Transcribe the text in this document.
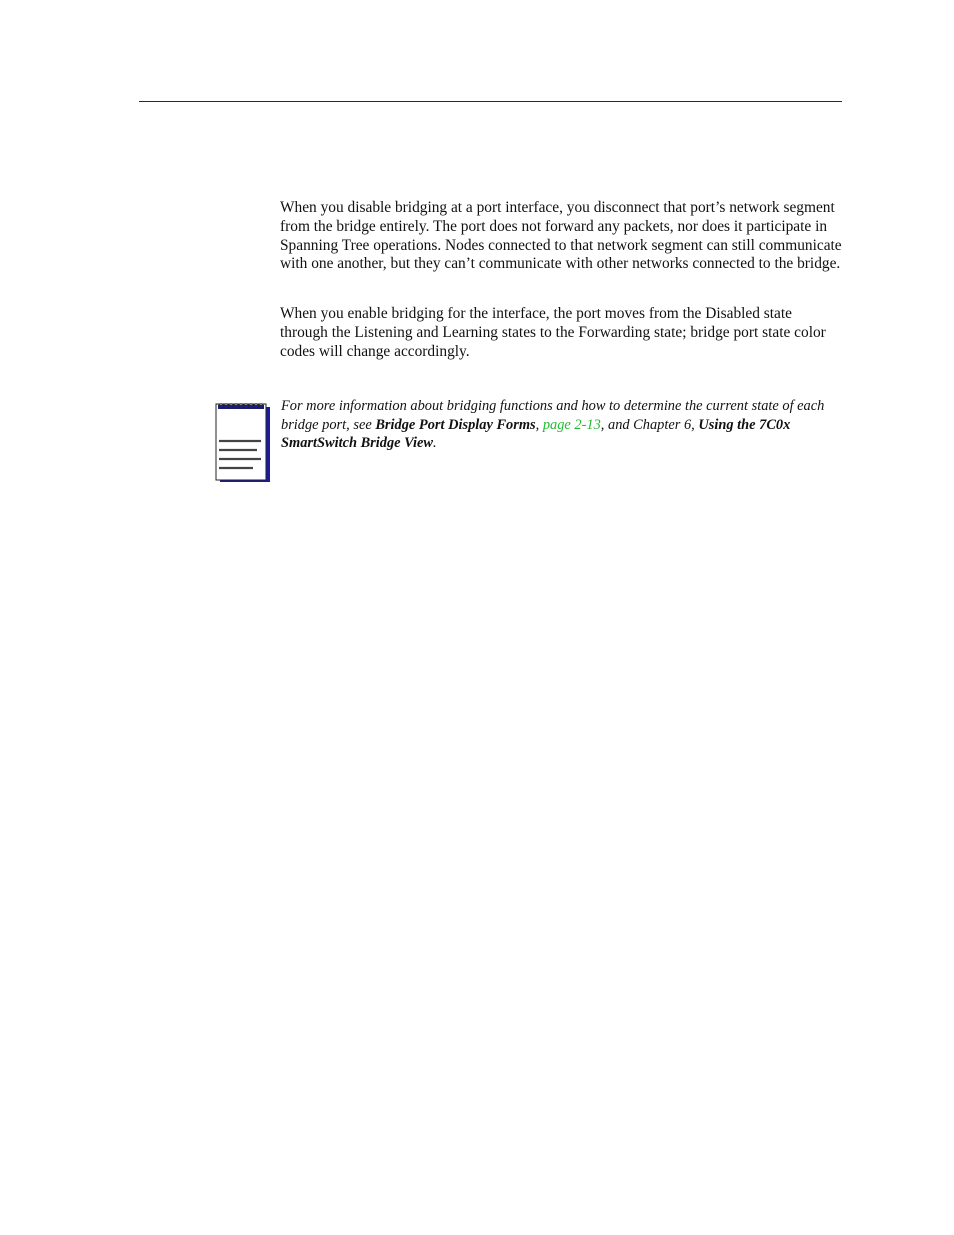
When you disable bridging at a port interface, you disconnect that port’s network segment from the bridge entirely. The port does not forward any packets, nor does it participate in Spanning Tree operations. Nodes connected to that network segment can still communicate with one another, but they can’t communicate with other networks connected to the bridge.

When you enable bridging for the interface, the port moves from the Disabled state through the Listening and Learning states to the Forwarding state; bridge port state color codes will change accordingly.

For more information about bridging functions and how to determine the current state of each bridge port, see Bridge Port Display Forms, page 2-13, and Chapter 6, Using the 7C0x SmartSwitch Bridge View.
